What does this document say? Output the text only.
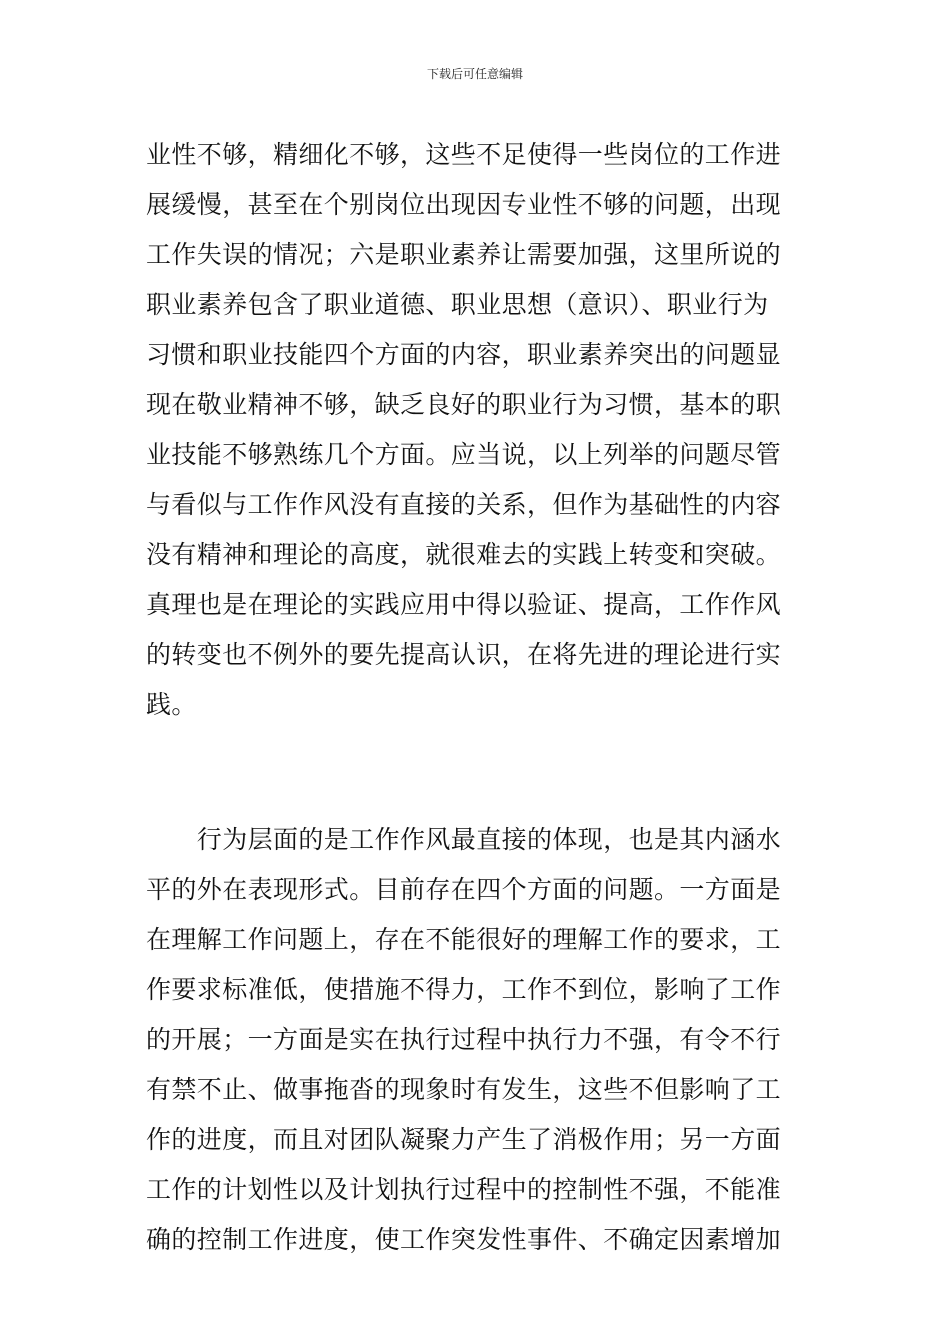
下载后可任意编辑
业性不够，精细化不够，这些不足使得一些岗位的工作进
展缓慢，甚至在个别岗位出现因专业性不够的问题，出现
工作失误的情况；六是职业素养让需要加强，这里所说的
职业素养包含了职业道德、职业思想（意识）、职业行为
习惯和职业技能四个方面的内容，职业素养突出的问题显
现在敬业精神不够，缺乏良好的职业行为习惯，基本的职
业技能不够熟练几个方面。应当说，以上列举的问题尽管
与看似与工作作风没有直接的关系，但作为基础性的内容
没有精神和理论的高度，就很难去的实践上转变和突破。
真理也是在理论的实践应用中得以验证、提高，工作作风
的转变也不例外的要先提高认识，在将先进的理论进行实
践。
　　行为层面的是工作作风最直接的体现，也是其内涵水
平的外在表现形式。目前存在四个方面的问题。一方面是
在理解工作问题上，存在不能很好的理解工作的要求，工
作要求标准低，使措施不得力，工作不到位，影响了工作
的开展；一方面是实在执行过程中执行力不强，有令不行
有禁不止、做事拖沓的现象时有发生，这些不但影响了工
作的进度，而且对团队凝聚力产生了消极作用；另一方面
工作的计划性以及计划执行过程中的控制性不强，不能准
确的控制工作进度，使工作突发性事件、不确定因素增加
